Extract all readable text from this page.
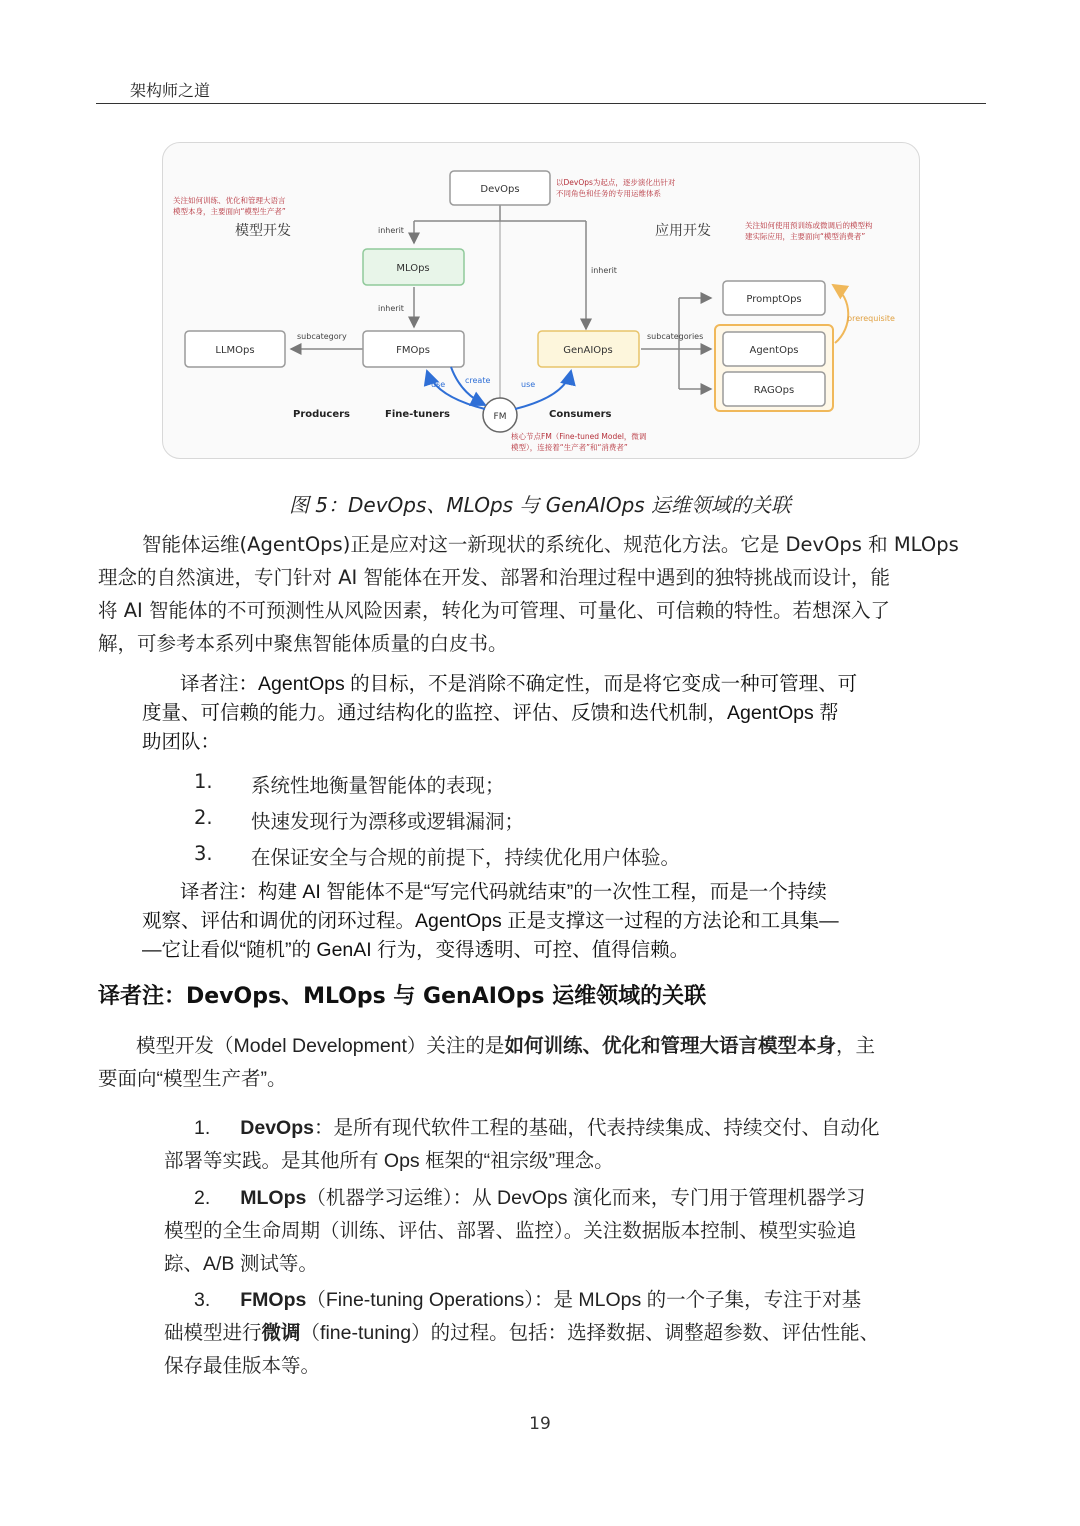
架构师之道
DevOps
MLOps
FMOps
LLMOps	GenAIOps
PromptOps
AgentOps
RAGOps
prerequisite
FM
inherit
inherit
inherit
subcategory	subcategories
use create	use
模型开发	应用开发
Producers	Fine-tuners	Consumers
关注如何训练、优化和管理大语言
模型本身，主要面向“模型生产者”
以DevOps为起点，逐步演化出针对
不同角色和任务的专用运维体系
关注如何使用预训练或微调后的模型构
建实际应用，主要面向“模型消费者”
核心节点FM（Fine-tuned Model，微调
模型），连接着“生产者”和“消费者”
图 5：DevOps、MLOps 与 GenAIOps 运维领域的关联
智能体运维(AgentOps)正是应对这一新现状的系统化、规范化方法。它是 DevOps 和 MLOps
理念的自然演进，专门针对 AI 智能体在开发、部署和治理过程中遇到的独特挑战而设计，能
将 AI 智能体的不可预测性从风险因素，转化为可管理、可量化、可信赖的特性。若想深入了
解，可参考本系列中聚焦智能体质量的白皮书。
译者注：AgentOps 的目标，不是消除不确定性，而是将它变成一种可管理、可
度量、可信赖的能力。通过结构化的监控、评估、反馈和迭代机制，AgentOps 帮
助团队：
1. 系统性地衡量智能体的表现；
2. 快速发现行为漂移或逻辑漏洞；
3. 在保证安全与合规的前提下，持续优化用户体验。
译者注：构建 AI 智能体不是“写完代码就结束”的一次性工程，而是一个持续
观察、评估和调优的闭环过程。AgentOps 正是支撑这一过程的方法论和工具集—
—它让看似“随机”的 GenAI 行为，变得透明、可控、值得信赖。
译者注：DevOps、MLOps 与 GenAIOps 运维领域的关联
模型开发（Model Development）关注的是如何训练、优化和管理大语言模型本身，主
要面向“模型生产者”。
1. DevOps：是所有现代软件工程的基础，代表持续集成、持续交付、自动化
部署等实践。是其他所有 Ops 框架的“祖宗级”理念。
2. MLOps（机器学习运维）：从 DevOps 演化而来，专门用于管理机器学习
模型的全生命周期（训练、评估、部署、监控）。关注数据版本控制、模型实验追
踪、A/B 测试等。
3. FMOps（Fine-tuning Operations）：是 MLOps 的一个子集，专注于对基
础模型进行微调（fine-tuning）的过程。包括：选择数据、调整超参数、评估性能、
保存最佳版本等。
19
